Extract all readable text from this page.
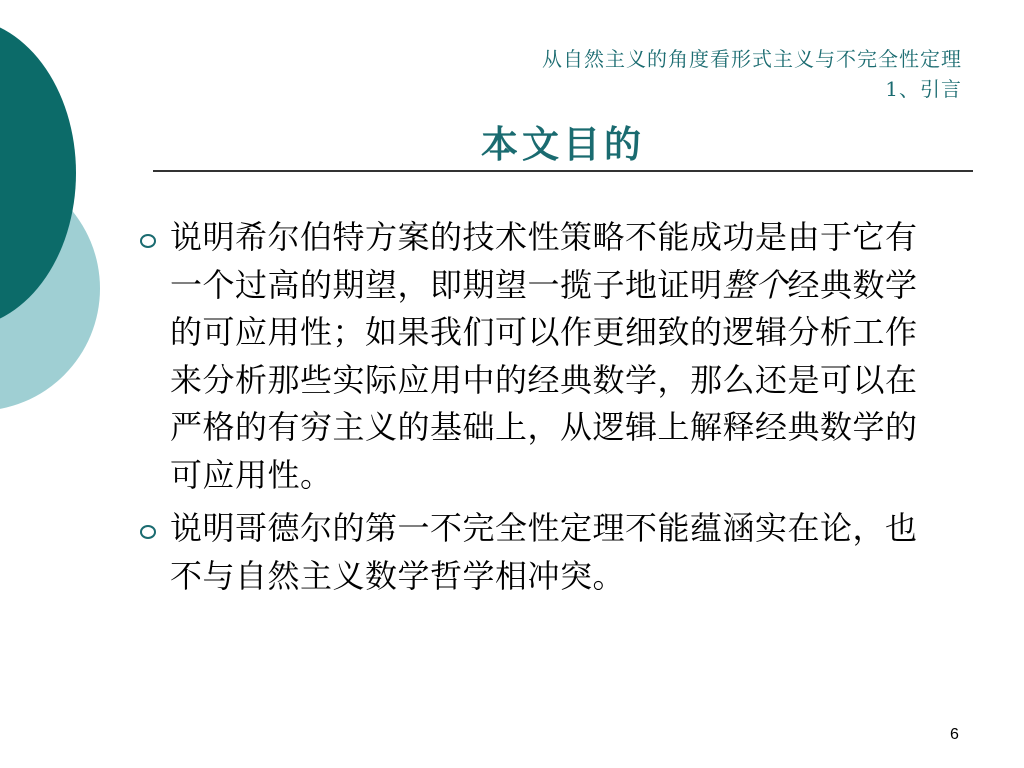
从自然主义的角度看形式主义与不完全性定理
1、引言
本文目的
说明希尔伯特方案的技术性策略不能成功是由于它有一个过高的期望，即期望一揽子地证明整个经典数学的可应用性；如果我们可以作更细致的逻辑分析工作来分析那些实际应用中的经典数学，那么还是可以在严格的有穷主义的基础上，从逻辑上解释经典数学的可应用性。
说明哥德尔的第一不完全性定理不能蕴涵实在论，也不与自然主义数学哲学相冲突。
6
